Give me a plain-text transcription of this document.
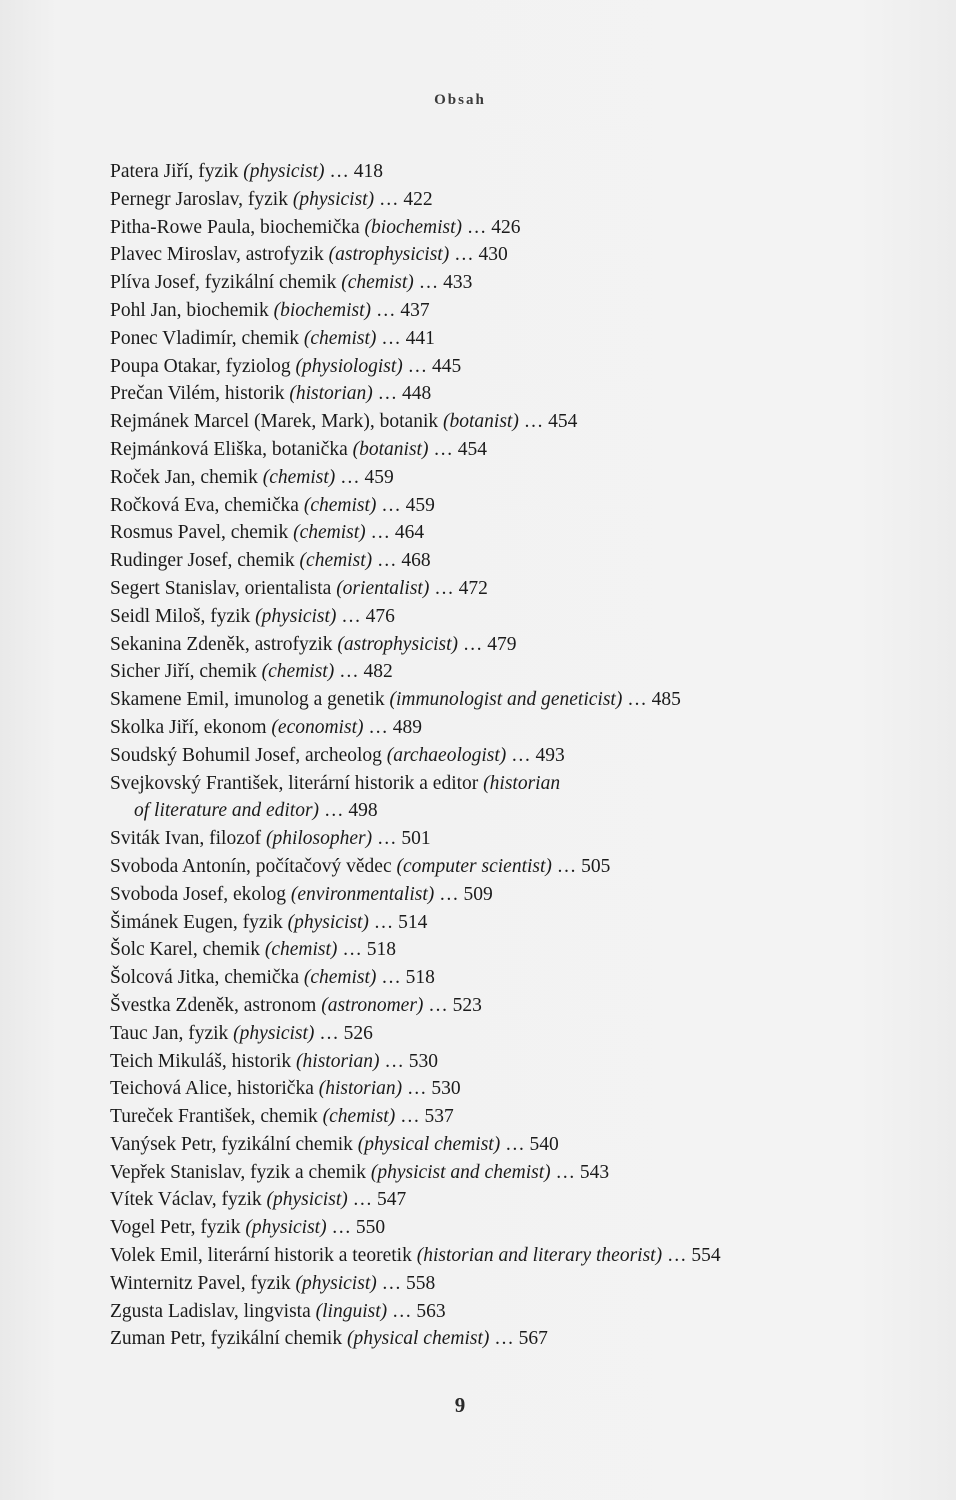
Obsah
Patera Jiří, fyzik (physicist) … 418
Pernegr Jaroslav, fyzik (physicist) … 422
Pitha-Rowe Paula, biochemička (biochemist) … 426
Plavec Miroslav, astrofyzik (astrophysicist) … 430
Plíva Josef, fyzikální chemik (chemist) … 433
Pohl Jan, biochemik (biochemist) … 437
Ponec Vladimír, chemik (chemist) … 441
Poupa Otakar, fyziolog (physiologist) … 445
Prečan Vilém, historik (historian) … 448
Rejmánek Marcel (Marek, Mark), botanik (botanist) … 454
Rejmánková Eliška, botanička (botanist) … 454
Roček Jan, chemik (chemist) … 459
Ročková Eva, chemička (chemist) … 459
Rosmus Pavel, chemik (chemist) … 464
Rudinger Josef, chemik (chemist) … 468
Segert Stanislav, orientalista (orientalist) … 472
Seidl Miloš, fyzik (physicist) … 476
Sekanina Zdeněk, astrofyzik (astrophysicist) … 479
Sicher Jiří, chemik (chemist) … 482
Skamene Emil, imunolog a genetik (immunologist and geneticist) … 485
Skolka Jiří, ekonom (economist) … 489
Soudský Bohumil Josef, archeolog (archaeologist) … 493
Svejkovský František, literární historik a editor (historian
of literature and editor) … 498
Sviták Ivan, filozof (philosopher) … 501
Svoboda Antonín, počítačový vědec (computer scientist) … 505
Svoboda Josef, ekolog (environmentalist) … 509
Šimánek Eugen, fyzik (physicist) … 514
Šolc Karel, chemik (chemist) … 518
Šolcová Jitka, chemička (chemist) … 518
Švestka Zdeněk, astronom (astronomer) … 523
Tauc Jan, fyzik (physicist) … 526
Teich Mikuláš, historik (historian) … 530
Teichová Alice, historička (historian) … 530
Tureček František, chemik (chemist) … 537
Vanýsek Petr, fyzikální chemik (physical chemist) … 540
Vepřek Stanislav, fyzik a chemik (physicist and chemist) … 543
Vítek Václav, fyzik (physicist) … 547
Vogel Petr, fyzik (physicist) … 550
Volek Emil, literární historik a teoretik (historian and literary theorist) … 554
Winternitz Pavel, fyzik (physicist) … 558
Zgusta Ladislav, lingvista (linguist) … 563
Zuman Petr, fyzikální chemik (physical chemist) … 567
9
